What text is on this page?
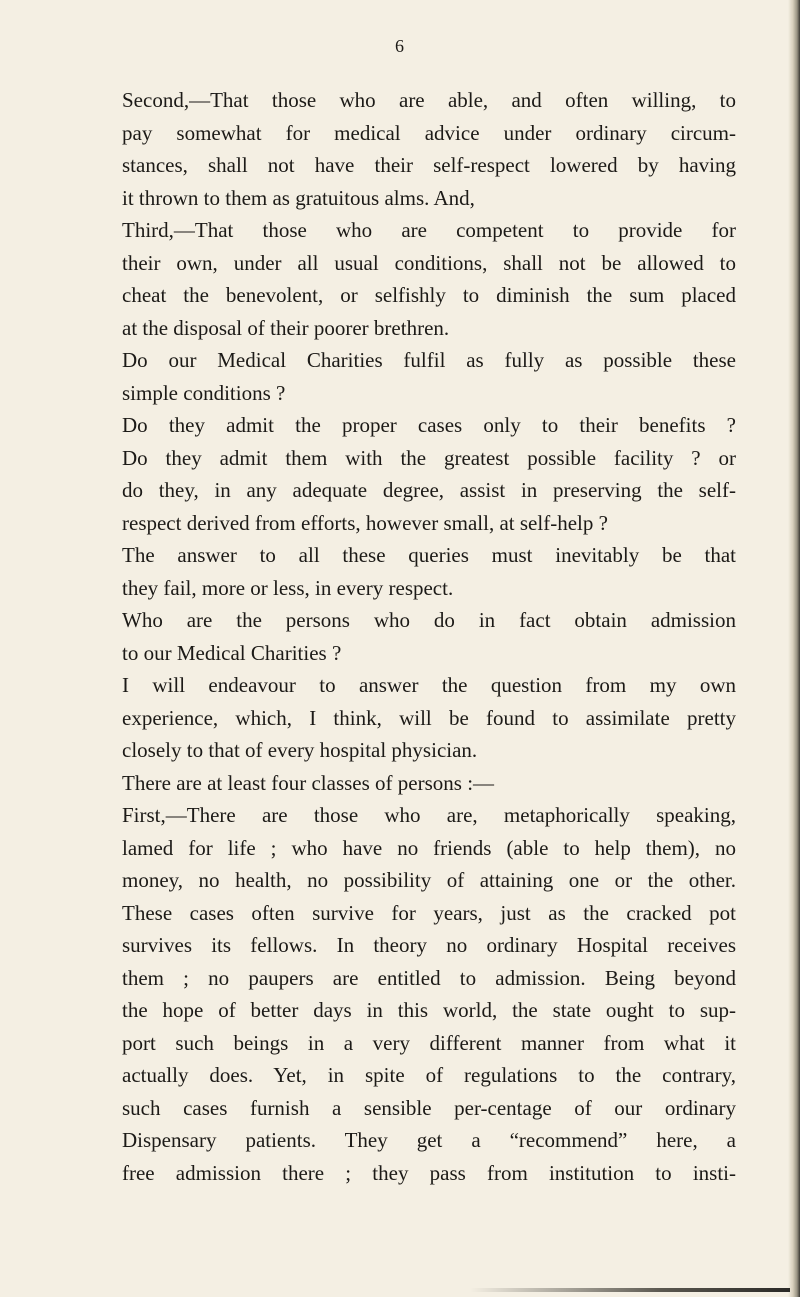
6
Second,—That those who are able, and often willing, to
pay somewhat for medical advice under ordinary circum-
stances, shall not have their self-respect lowered by having
it thrown to them as gratuitous alms. And,
Third,—That those who are competent to provide for
their own, under all usual conditions, shall not be allowed to
cheat the benevolent, or selfishly to diminish the sum placed
at the disposal of their poorer brethren.
Do our Medical Charities fulfil as fully as possible these
simple conditions ?
Do they admit the proper cases only to their benefits ?
Do they admit them with the greatest possible facility ? or
do they, in any adequate degree, assist in preserving the self-
respect derived from efforts, however small, at self-help ?
The answer to all these queries must inevitably be that
they fail, more or less, in every respect.
Who are the persons who do in fact obtain admission
to our Medical Charities ?
I will endeavour to answer the question from my own
experience, which, I think, will be found to assimilate pretty
closely to that of every hospital physician.
There are at least four classes of persons :—
First,—There are those who are, metaphorically speaking,
lamed for life ; who have no friends (able to help them), no
money, no health, no possibility of attaining one or the other.
These cases often survive for years, just as the cracked pot
survives its fellows. In theory no ordinary Hospital receives
them ; no paupers are entitled to admission. Being beyond
the hope of better days in this world, the state ought to sup-
port such beings in a very different manner from what it
actually does. Yet, in spite of regulations to the contrary,
such cases furnish a sensible per-centage of our ordinary
Dispensary patients. They get a “recommend” here, a
free admission there ; they pass from institution to insti-
